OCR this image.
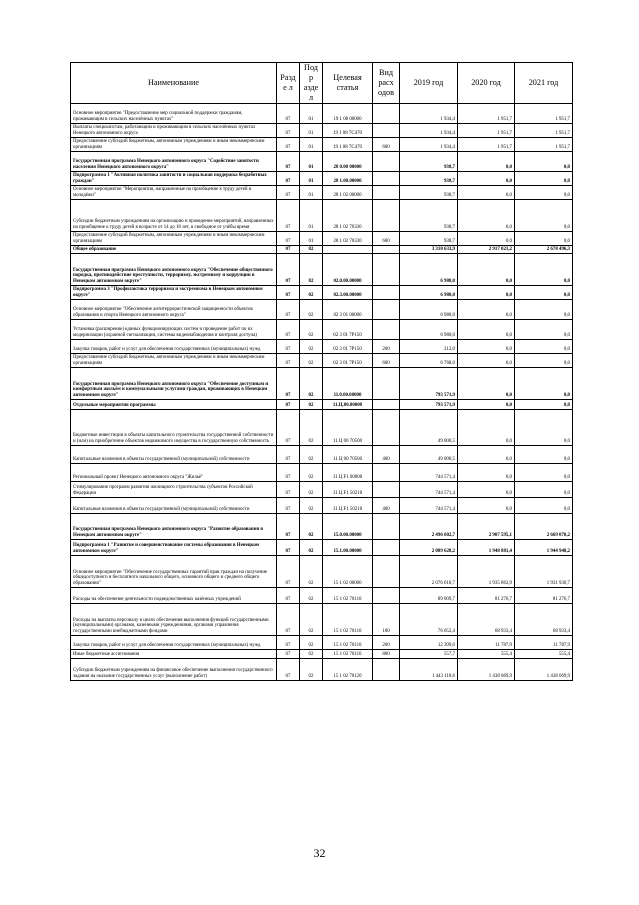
Наименование	Разде л	Подр аздел	Целевая статья	Вид расх одов	2019 год	2020 год	2021 год
Основное мероприятие "Предоставление мер социальной поддержки гражданам, проживающим в сельских населённых пунктах"	07	01	19 1 08 00000		1 934,4	1 951,7	1 951,7
Выплаты специалистам, работающим и проживающим в сельских населённых пунктах Ненецкого автономного округа	07	01	19 1 08 7С470		1 934,4	1 951,7	1 951,7
Предоставление субсидий бюджетным, автономным учреждениям и иным некоммерческим организациям	07	01	19 1 08 7С470	600	1 934,4	1 951,7	1 951,7
Государственная программа Ненецкого автономного округа "Содействие занятости населения Ненецкого автономного округа"	07	01	28 0.00 00000		938,7	0,0	0,0
Подпрограмма 1 "Активная политика занятости и социальная поддержка безработных граждан"	07	01	28 1.00.00000		938,7	0,0	0,0
Основное мероприятие "Мероприятия, направленные на приобщение к труду детей и молодёжи"	07	01	28 1 02 00000		938,7	0,0	0,0
Субсидии бюджетным учреждениям на организацию и проведение мероприятий, направленных на приобщение к труду детей в возрасте от 14 до 18 лет, в свободное от учёбы время	07	01	28 1 02 70330		938,7	0,0	0,0
Предоставление субсидий бюджетным, автономным учреждениям и иным некоммерческим организациям	07	01	28 1 02 70330	600	938,7	0,0	0,0
Общее образование	07	02			3 310 633,9	2 917 021,2	2 678 496,3
Государственная программа Ненецкого автономного округа "Обеспечение общественного порядка, противодействие преступности, терроризму, экстремизму и коррупции в Ненецком автономном округе"	07	02	02.0.00.00000		6 980,0	0,0	0,0
Подпрограмма 3 "Профилактика терроризма и экстремизма в Ненецком автономном округе"	07	02	02.3.00.00000		6 980,0	0,0	0,0
Основное мероприятие "Обеспечение антитеррористической защищенности объектов образования и спорта Ненецкого автономного округа"	07	02	02 3 01 00000		6 980,0	0,0	0,0
Установка (расширение) единых функционирующих систем и проведение работ по их модернизации (охранной сигнализации, системы видеонаблюдения и контроля доступа)	07	02	02 3 01 7Р150		6 980,0	0,0	0,0
Закупка товаров, работ и услуг для обеспечения государственных (муниципальных) нужд	07	02	02 3 01 7Р150	200	212,0	0,0	0,0
Предоставление субсидий бюджетным, автономным учреждениям и иным некоммерческим организациям	07	02	02 3 01 7Р150	600	6 768,0	0,0	0,0
Государственная программа Ненецкого автономного округа "Обеспечение доступным и комфортным жильём и коммунальными услугами граждан, проживающих в Ненецком автономном округе"	07	02	11.0.00.00000		793 571,9	0,0	0,0
Отдельные мероприятия программы	07	02	11.Ц.00.00000		793 571,9	0,0	0,0
Бюджетные инвестиции в объекты капитального строительства государственной собственности и (или) на приобретение объектов недвижимого имущества в государственную собственность	07	02	11 Ц 00 70500		49 000,5	0,0	0,0
Капитальные вложения в объекты государственной (муниципальной) собственности	07	02	11 Ц 00 70500	400	49 000,5	0,0	0,0
Региональный проект Ненецкого автономного округа "Жильё"	07	02	11 Ц F1 00000		744 571,4	0,0	0,0
Стимулирование программ развития жилищного строительства субъектов Российской Федерации	07	02	11 Ц F1 50210		744 571,4	0,0	0,0
Капитальные вложения в объекты государственной (муниципальной) собственности	07	02	11 Ц F1 50210	400	744 571,4	0,0	0,0
Государственная программа Ненецкого автономного округа "Развитие образования в Ненецком автономном округе"	07	02	15.0.00.00000		2 496 602,7	2 907 595,1	2 669 070,2
Подпрограмма 1 "Развитие и совершенствование системы образования в Ненецком автономном округе"	07	02	15.1.00.00000		2 089 628,2	1 948 881,4	1 944 948,2
Основное мероприятие "Обеспечение государственных гарантий прав граждан на получение общедоступного и бесплатного начального общего, основного общего и среднего общего образования"	07	02	15 1 02 00000		2 076 610,7	1 935 863,9	1 931 930,7
Расходы на обеспечение деятельности подведомственных казённых учреждений	07	02	15 1 02 70110		89 009,7	81 276,7	81 276,7
Расходы на выплаты персоналу в целях обеспечения выполнения функций государственными (муниципальными) органами, казенными учреждениями, органами управления государственными внебюджетными фондами	07	02	15 1 02 70110	100	76 052,4	68 933,4	68 933,4
Закупка товаров, работ и услуг для обеспечения государственных (муниципальных) нужд	07	02	15 1 02 70110	200	12 399,6	11 787,9	11 787,9
Иные бюджетные ассигнования	07	02	15 1 02 70110	800	557,7	555,4	555,4
Субсидии бюджетным учреждениям на финансовое обеспечение выполнения государственного задания на оказание государственных услуг (выполнение работ)	07	02	15 1 02 70120		1 443 118,6	1 438 069,9	1 438 069,9
32
